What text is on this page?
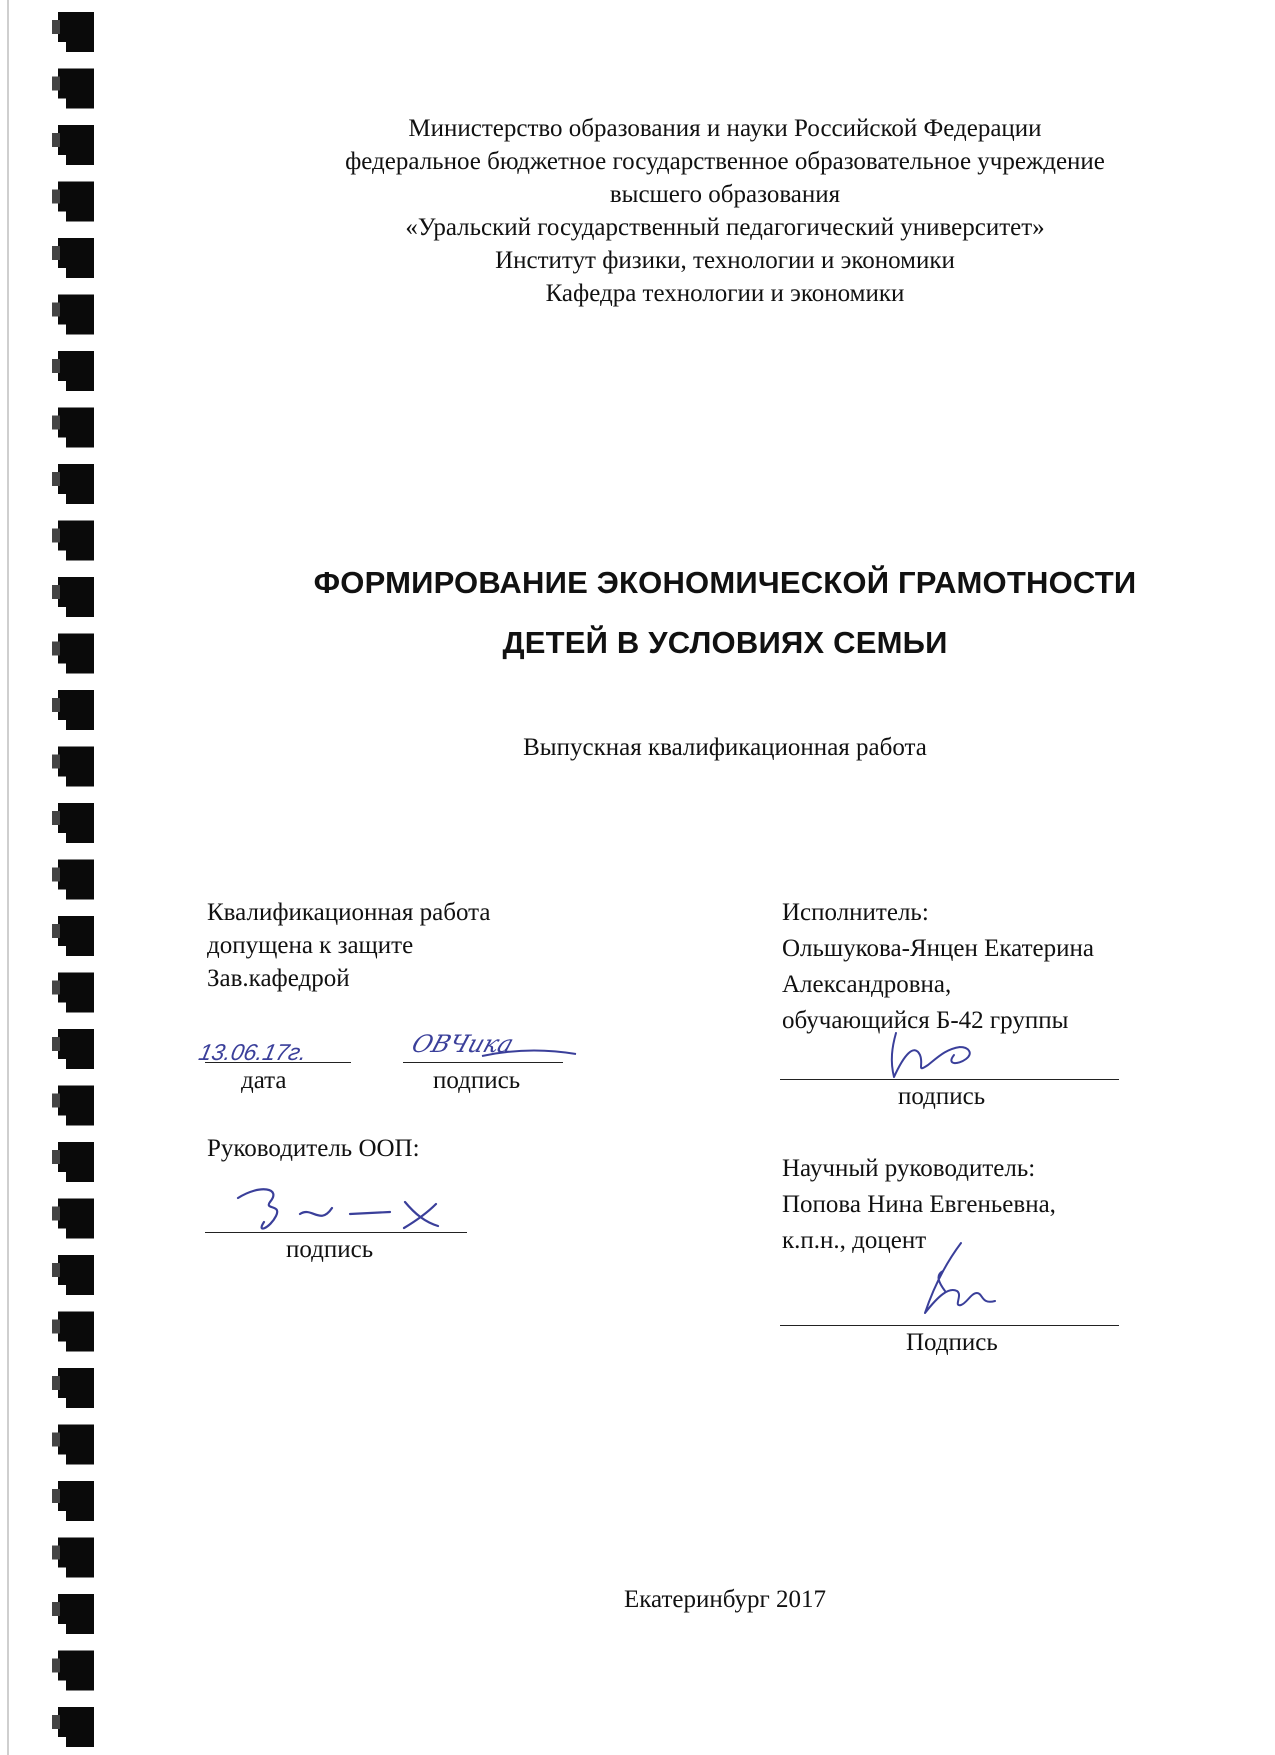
Министерство образования и науки Российской Федерации
федеральное бюджетное государственное образовательное учреждение
высшего образования
«Уральский государственный педагогический университет»
Институт физики, технологии и экономики
Кафедра технологии и экономики
ФОРМИРОВАНИЕ ЭКОНОМИЧЕСКОЙ ГРАМОТНОСТИ
ДЕТЕЙ В УСЛОВИЯХ СЕМЬИ
Выпускная квалификационная работа
Квалификационная работа
допущена к защите
Зав.кафедрой
13.06.17г.
дата
ОВЧика
подпись
Руководитель ООП:
подпись
Исполнитель:
Ольшукова-Янцен Екатерина
Александровна,
обучающийся Б-42 группы
подпись
Научный руководитель:
Попова Нина Евгеньевна,
к.п.н., доцент
Подпись
Екатеринбург 2017
